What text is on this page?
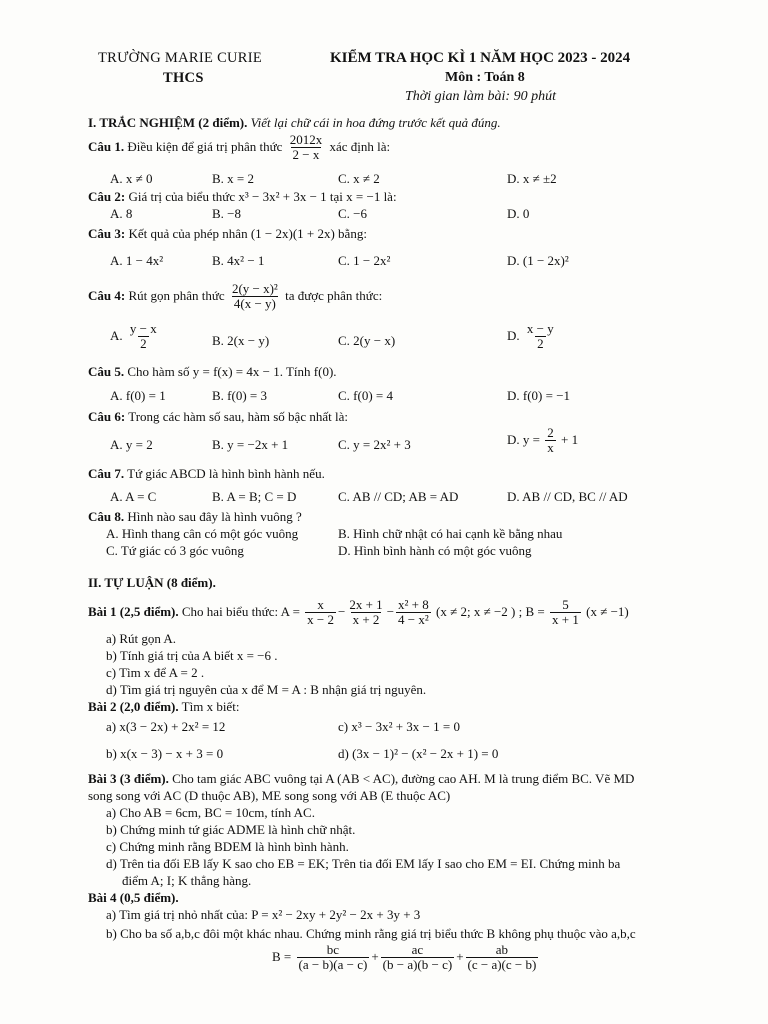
TRƯỜNG MARIE CURIE
THCS
KIỂM TRA HỌC KÌ 1 NĂM HỌC 2023 - 2024
Môn : Toán 8
Thời gian làm bài: 90 phút
I. TRẮC NGHIỆM (2 điểm). Viết lại chữ cái in hoa đứng trước kết quả đúng.
Câu 1. Điều kiện để giá trị phân thức $\frac{2012x}{2 - x}$ xác định là:
A. x ≠ 0	B. x = 2	C. x ≠ 2	D. x ≠ ±2
Câu 2: Giá trị của biểu thức x³ − 3x² + 3x − 1 tại x = −1 là:
A. 8	B. −8	C. −6	D. 0
Câu 3: Kết quả của phép nhân (1 − 2x)(1 + 2x) bằng:
A. 1 − 4x²	B. 4x² − 1	C. 1 − 2x²	D. (1 − 2x)²
Câu 4: Rút gọn phân thức $\frac{\text{2(y − x)²}}{4(x - y)}$ ta được phân thức:
A. $\frac{y - x}{2}$	B. 2(x − y)	C. 2(y − x)	D. $\frac{x - y}{2}$
Câu 5. Cho hàm số y = f(x) = 4x − 1. Tính f(0).
A. f(0) = 1	B. f(0) = 3	C. f(0) = 4	D. f(0) = −1
Câu 6: Trong các hàm số sau, hàm số bậc nhất là:
A. y = 2	B. y = −2x + 1	C. y = 2x² + 3	D. $y = \frac{2}{x} + 1$
Câu 7. Tứ giác ABCD là hình bình hành nếu.
A. A = C	B. A = B; C = D	C. AB // CD; AB = AD	D. AB // CD, BC // AD
Câu 8. Hình nào sau đây là hình vuông ?
A. Hình thang cân có một góc vuông	B. Hình chữ nhật có hai cạnh kề bằng nhau
C. Tứ giác có 3 góc vuông	D. Hình bình hành có một góc vuông
II. TỰ LUẬN (8 điểm).
Bài 1 (2,5 điểm). Cho hai biểu thức: $A = \frac{x}{x - 2} - \frac{2x + 1}{x + 2} - \frac{\text{x² + 8}}{\text{4 − x²}} (x \ne 2$; x ≠ −2 ) ; $B = \frac{5}{x + 1} (x \ne -1)$
a) Rút gọn A.
b) Tính giá trị của A biết x = −6 .
c) Tìm x để A = 2 .
d) Tìm giá trị nguyên của x để M = A : B nhận giá trị nguyên.
Bài 2 (2,0 điểm). Tìm x biết:
a) x(3 − 2x) + 2x² = 12	c) x³ − 3x² + 3x − 1 = 0
b) x(x − 3) − x + 3 = 0	d) (3x − 1)² − (x² − 2x + 1) = 0
Bài 3 (3 điểm). Cho tam giác ABC vuông tại A (AB < AC), đường cao AH. M là trung điểm BC. Vẽ MD
song song với AC (D thuộc AB), ME song song với AB (E thuộc AC)
a) Cho AB = 6cm, BC = 10cm, tính AC.
b) Chứng minh tứ giác ADME là hình chữ nhật.
c) Chứng minh rằng BDEM là hình bình hành.
d) Trên tia đối EB lấy K sao cho EB = EK; Trên tia đối EM lấy I sao cho EM = EI. Chứng minh ba
điểm A; I; K thẳng hàng.
Bài 4 (0,5 điểm).
a) Tìm giá trị nhỏ nhất của: P = x² − 2xy + 2y² − 2x + 3y + 3
b) Cho ba số a,b,c đôi một khác nhau. Chứng minh rằng giá trị biểu thức B không phụ thuộc vào a,b,c
$B = \frac{bc}{(a - b)(a - c)} + \frac{ac}{(b - a)(b - c)} + \frac{ab}{(c - a)(c - b)}$
